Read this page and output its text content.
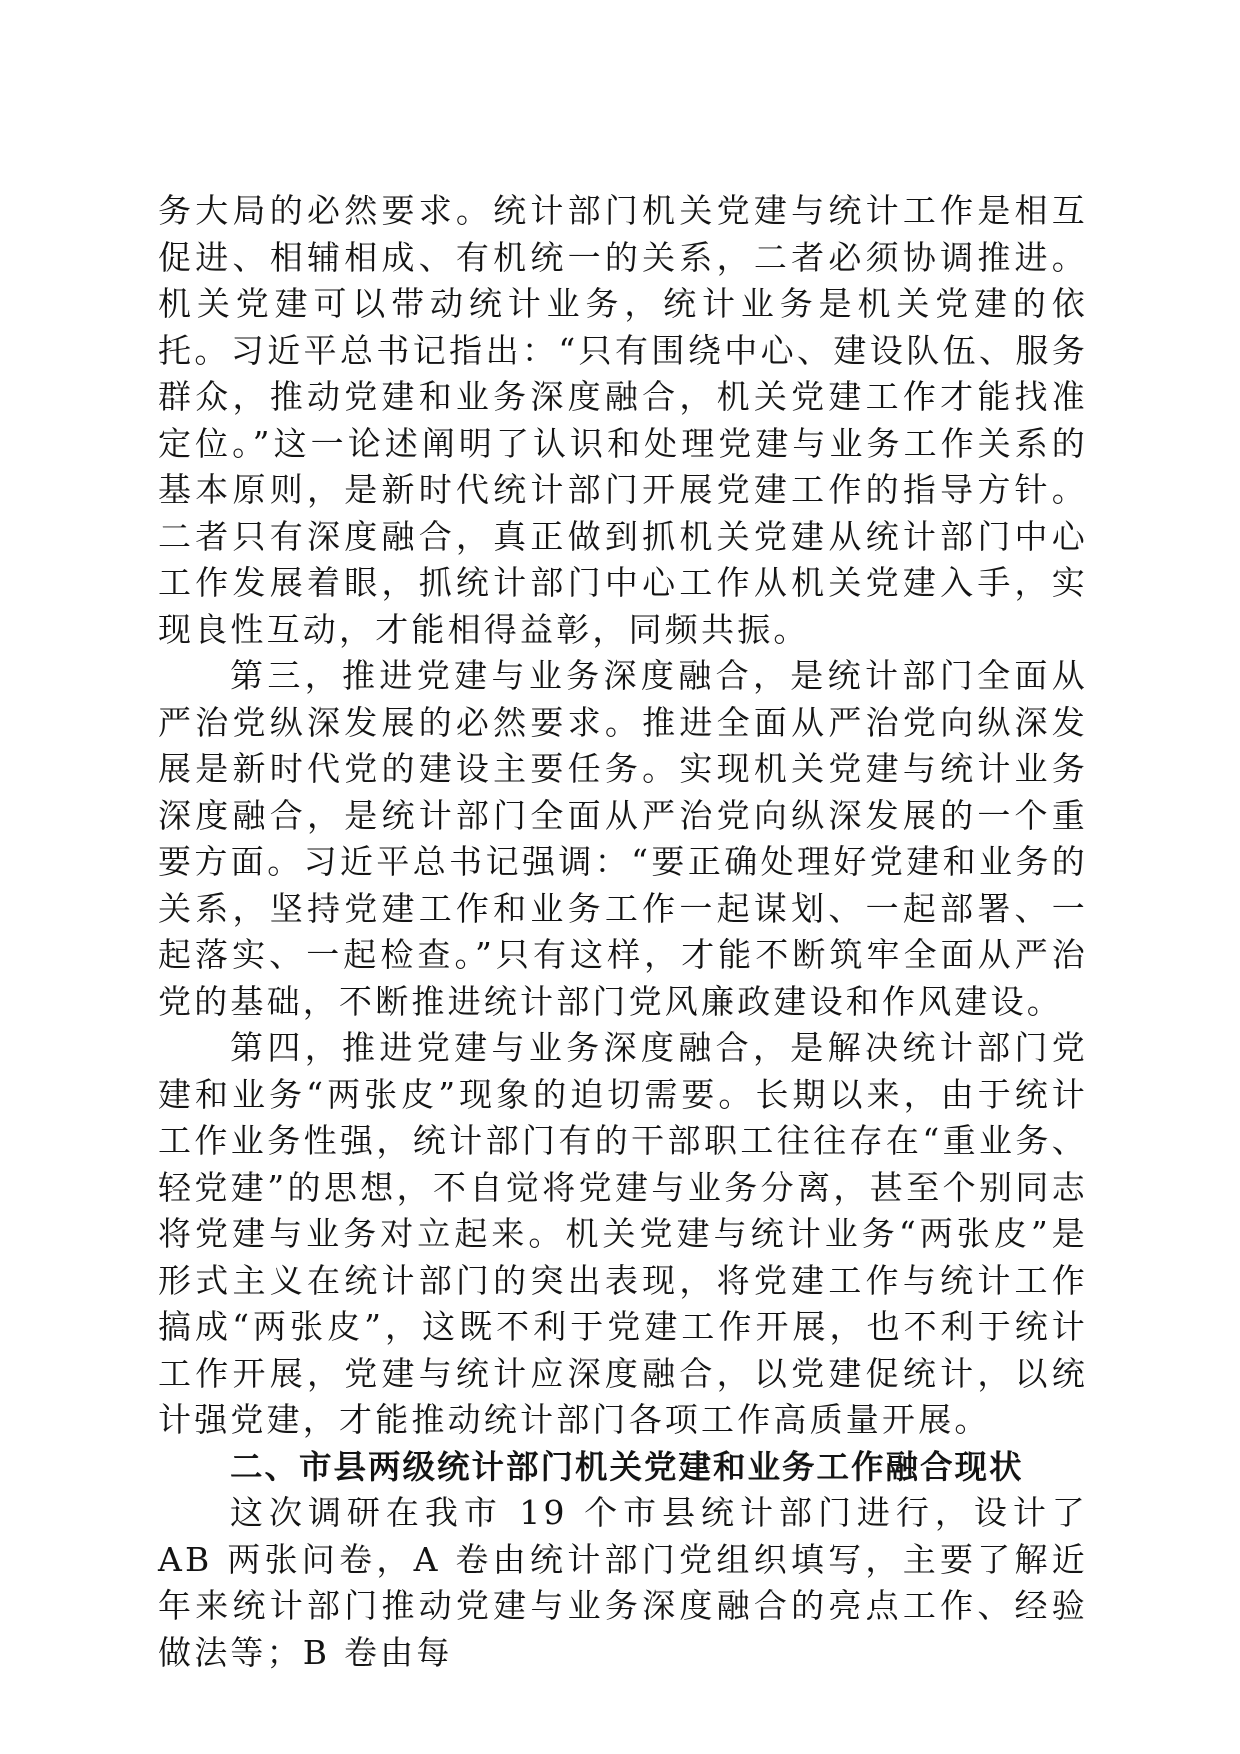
务大局的必然要求。统计部门机关党建与统计工作是相互促进、相辅相成、有机统一的关系，二者必须协调推进。机关党建可以带动统计业务，统计业务是机关党建的依托。习近平总书记指出：“只有围绕中心、建设队伍、服务群众，推动党建和业务深度融合，机关党建工作才能找准定位。”这一论述阐明了认识和处理党建与业务工作关系的基本原则，是新时代统计部门开展党建工作的指导方针。二者只有深度融合，真正做到抓机关党建从统计部门中心工作发展着眼，抓统计部门中心工作从机关党建入手，实现良性互动，才能相得益彰，同频共振。

第三，推进党建与业务深度融合，是统计部门全面从严治党纵深发展的必然要求。推进全面从严治党向纵深发展是新时代党的建设主要任务。实现机关党建与统计业务深度融合，是统计部门全面从严治党向纵深发展的一个重要方面。习近平总书记强调：“要正确处理好党建和业务的关系，坚持党建工作和业务工作一起谋划、一起部署、一起落实、一起检查。”只有这样，才能不断筑牢全面从严治党的基础，不断推进统计部门党风廉政建设和作风建设。

第四，推进党建与业务深度融合，是解决统计部门党建和业务“两张皮”现象的迫切需要。长期以来，由于统计工作业务性强，统计部门有的干部职工往往存在“重业务、轻党建”的思想，不自觉将党建与业务分离，甚至个别同志将党建与业务对立起来。机关党建与统计业务“两张皮”是形式主义在统计部门的突出表现，将党建工作与统计工作搞成“两张皮”，这既不利于党建工作开展，也不利于统计工作开展，党建与统计应深度融合，以党建促统计，以统计强党建，才能推动统计部门各项工作高质量开展。

二、市县两级统计部门机关党建和业务工作融合现状

这次调研在我市 19 个市县统计部门进行，设计了 AB 两张问卷，A 卷由统计部门党组织填写，主要了解近年来统计部门推动党建与业务深度融合的亮点工作、经验做法等；B 卷由每
